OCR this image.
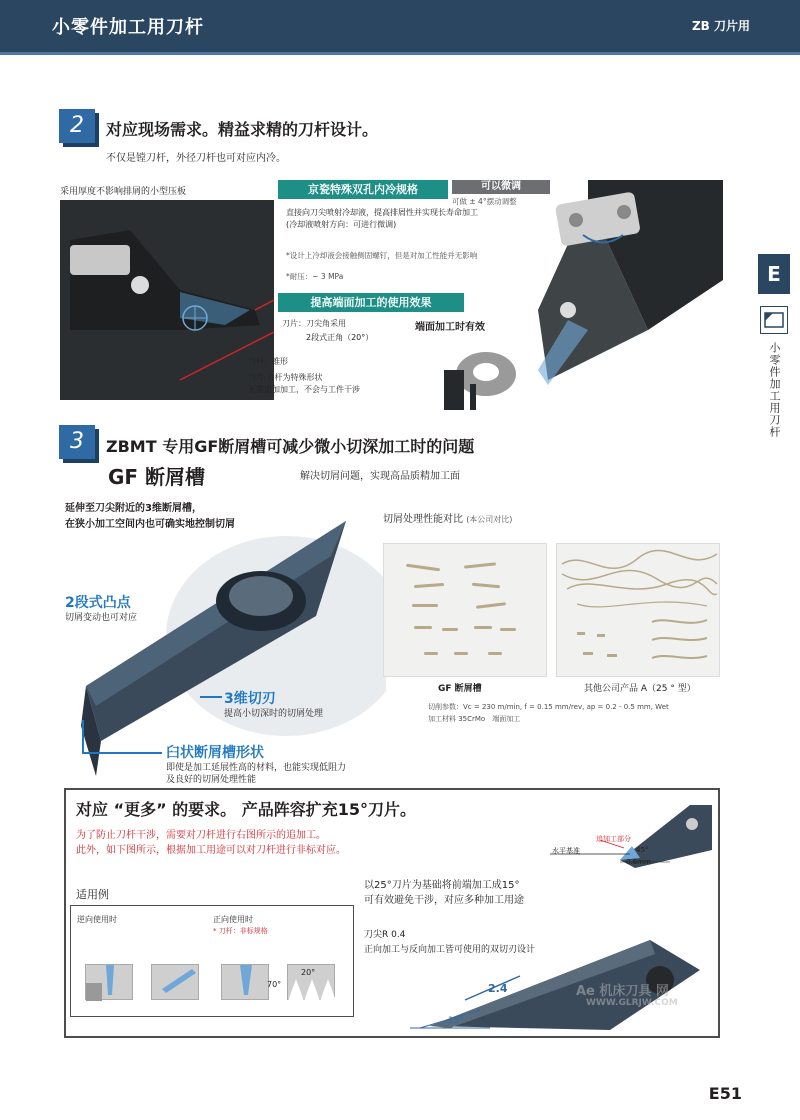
小零件加工用刀杆	ZB 刀片用
E
小零件加工用刀杆
2	对应现场需求。精益求精的刀杆设计。
不仅是镗刀杆，外径刀杆也可对应内冷。
采用厚度不影响排屑的小型压板
刀片：刀尖角采用
2段式正角（20°）
刀杆：锥形
刀片·刀杆为特殊形状
无需追加加工，不会与工件干涉
京瓷特殊双孔内冷规格
直接向刀尖喷射冷却液，提高排屑性并实现长寿命加工
(冷却液喷射方向：可进行微调)
*设计上冷却液会接触侧固螺钉，但是对加工性能并无影响
*耐压：~ 3 MPa
提高端面加工的使用效果
端面加工时有效
可以微调
可做 ± 4°摆动调整
3	ZBMT 专用GF断屑槽可减少微小切深加工时的问题
GF 断屑槽	解决切屑问题，实现高品质精加工面
延伸至刀尖附近的3维断屑槽，
在狭小加工空间内也可确实地控制切屑
2段式凸点
切屑变动也可对应
3维切刃
提高小切深时的切屑处理
臼状断屑槽形状
即使是加工延展性高的材料，也能实现低阻力
及良好的切屑处理性能
切屑处理性能对比 (本公司对比)
GF 断屑槽	其他公司产品 A（25 ° 型）
切削参数：Vc = 230 m/min, f = 0.15 mm/rev, ap = 0.2 - 0.5 mm, Wet
加工材料 35CrMo　端面加工
对应 “更多” 的要求。 产品阵容扩充15°刀片。
为了防止刀杆干涉，需要对刀杆进行右图所示的追加工。
此外，如下图所示，根据加工用途可以对刀杆进行非标对应。
追加工部分
水平基准	45°
0.6mm
适用例
逆向使用时	正向使用时
* 刀杆：非标规格
70°
20°
以25°刀片为基础将前端加工成15°
可有效避免干涉，对应多种加工用途
刀尖R 0.4
正向加工与反向加工皆可使用的双切刃设计
2.4
15°
Ae 机床刀具 网
WWW.GLRJW.COM
E51
